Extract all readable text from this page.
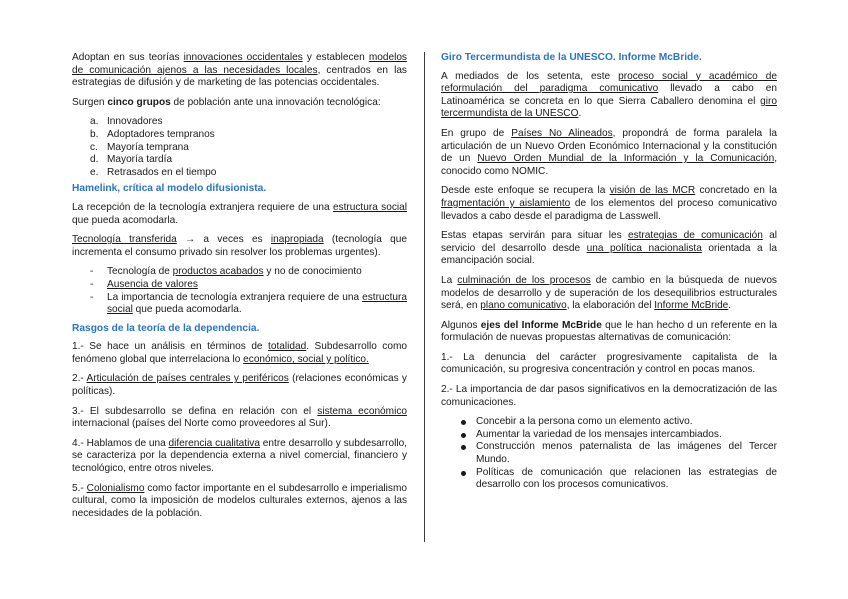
Adoptan en sus teorías innovaciones occidentales y establecen modelos de comunicación ajenos a las necesidades locales, centrados en las estrategias de difusión y de marketing de las potencias occidentales.

Surgen cinco grupos de población ante una innovación tecnológica:

a. Innovadores
b. Adoptadores tempranos
c. Mayoría temprana
d. Mayoría tardía
e. Retrasados en el tiempo
Hamelink, crítica al modelo difusionista.

La recepción de la tecnología extranjera requiere de una estructura social que pueda acomodarla.

Tecnología transferida → a veces es inapropiada (tecnología que incrementa el consumo privado sin resolver los problemas urgentes).

- Tecnología de productos acabados y no de conocimiento
- Ausencia de valores
- La importancia de tecnología extranjera requiere de una estructura social que pueda acomodarla.
Rasgos de la teoría de la dependencia.

1.- Se hace un análisis en términos de totalidad. Subdesarrollo como fenómeno global que interrelaciona lo económico, social y político.

2.- Articulación de países centrales y periféricos (relaciones económicas y políticas).

3.- El subdesarrollo se defina en relación con el sistema económico internacional (países del Norte como proveedores al Sur).

4.- Hablamos de una diferencia cualitativa entre desarrollo y subdesarrollo, se caracteriza por la dependencia externa a nivel comercial, financiero y tecnológico, entre otros niveles.

5.- Colonialismo como factor importante en el subdesarrollo e imperialismo cultural, como la imposición de modelos culturales externos, ajenos a las necesidades de la población.

Giro Tercermundista de la UNESCO. Informe McBride.

A mediados de los setenta, este proceso social y académico de reformulación del paradigma comunicativo llevado a cabo en Latinoamérica se concreta en lo que Sierra Caballero denomina el giro tercermundista de la UNESCO.

En grupo de Países No Alineados, propondrá de forma paralela la articulación de un Nuevo Orden Económico Internacional y la constitución de un Nuevo Orden Mundial de la Información y la Comunicación, conocido como NOMIC.

Desde este enfoque se recupera la visión de las MCR concretado en la fragmentación y aislamiento de los elementos del proceso comunicativo llevados a cabo desde el paradigma de Lasswell.

Estas etapas servirán para situar les estrategias de comunicación al servicio del desarrollo desde una política nacionalista orientada a la emancipación social.

La culminación de los procesos de cambio en la búsqueda de nuevos modelos de desarrollo y de superación de los desequilibrios estructurales será, en plano comunicativo, la elaboración del Informe McBride.

Algunos ejes del Informe McBride que le han hecho d un referente en la formulación de nuevas propuestas alternativas de comunicación:

1.- La denuncia del carácter progresivamente capitalista de la comunicación, su progresiva concentración y control en pocas manos.

2.- La importancia de dar pasos significativos en la democratización de las comunicaciones.

Concebir a la persona como un elemento activo.
Aumentar la variedad de los mensajes intercambiados.
Construcción menos paternalista de las imágenes del Tercer Mundo.
Políticas de comunicación que relacionen las estrategias de desarrollo con los procesos comunicativos.
